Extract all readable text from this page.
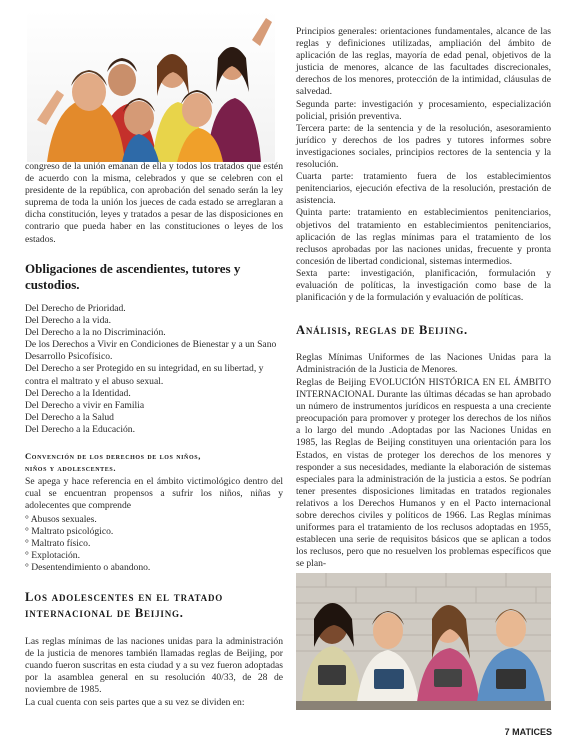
congreso de la unión emanan de ella y todos los tratados que estén de acuerdo con la misma, celebrados y que se celebren con el presidente de la república, con aprobación del senado serán la ley suprema de toda la unión los jueces de cada estado se arreglaran a dicha constitución, leyes y tratados a pesar de las disposiciones en contrario que pueda haber en las constituciones o leyes de los estados.

Obligaciones de ascendientes, tutores y custodios.

Del Derecho de Prioridad.

Del Derecho a la vida.

Del Derecho a la no Discriminación.

De los Derechos a Vivir en Condiciones de Bienestar y a un Sano Desarrollo Psicofísico.

Del Derecho a ser Protegido en su integridad, en su libertad, y contra el maltrato y el abuso sexual.

Del Derecho a la Identidad.

Del Derecho a vivir en Familia

Del Derecho a la Salud

Del Derecho a la Educación.

Convención de los derechos de los niños, niños y adolescentes.

Se apega y hace referencia en el ámbito victimológico dentro del cual se encuentran propensos a sufrir los niños, niñas y adolecentes que comprende

° Abusos sexuales.

° Maltrato psicológico.

° Maltrato físico.

° Explotación.

° Desentendimiento o abandono.

Los adolescentes en el tratado internacional de Beijing.

Las reglas mínimas de las naciones unidas para la administración de la justicia de menores también llamadas reglas de Beijing, por cuando fueron suscritas en esta ciudad y a su vez fueron adoptadas por la asamblea general en su resolución 40/33, de 28 de noviembre de 1985.

La cual cuenta con seis partes que a su vez se dividen en:

Principios generales: orientaciones fundamentales, alcance de las reglas y definiciones utilizadas, ampliación del ámbito de aplicación de las reglas, mayoría de edad penal, objetivos de la justicia de menores, alcance de las facultades discrecionales, derechos de los menores, protección de la intimidad, cláusulas de salvedad.

Segunda parte: investigación y procesamiento, especialización policial, prisión preventiva.

Tercera parte: de la sentencia y de la resolución, asesoramiento jurídico y derechos de los padres y tutores informes sobre investigaciones sociales, principios rectores de la sentencia y la resolución.

Cuarta parte: tratamiento fuera de los establecimientos penitenciarios, ejecución efectiva de la resolución, prestación de asistencia.

Quinta parte: tratamiento en establecimientos penitenciarios, objetivos del tratamiento en establecimientos penitenciarios, aplicación de las reglas mínimas para el tratamiento de los reclusos aprobadas por las naciones unidas, frecuente y pronta concesión de libertad condicional, sistemas intermedios.

Sexta parte: investigación, planificación, formulación y evaluación de políticas, la investigación como base de la planificación y de la formulación y evaluación de políticas.

Análisis, reglas de Beijing.

Reglas Mínimas Uniformes de las Naciones Unidas para la Administración de la Justicia de Menores.

Reglas de Beijing EVOLUCIÓN HISTÓRICA EN EL ÁMBITO INTERNACIONAL Durante las últimas décadas se han aprobado un número de instrumentos jurídicos en respuesta a una creciente preocupación para promover y proteger los derechos de los niños a lo largo del mundo .Adoptadas por las Naciones Unidas en 1985, las Reglas de Beijing constituyen una orientación para los Estados, en vistas de proteger los derechos de los menores y responder a sus necesidades, mediante la elaboración de sistemas especiales para la administración de la justicia a estos. Se podrían tener presentes disposiciones limitadas en tratados regionales relativos a los Derechos Humanos y en el Pacto internacional sobre derechos civiles y políticos de 1966. Las Reglas mínimas uniformes para el tratamiento de los reclusos adoptadas en 1955, establecen una serie de requisitos básicos que se aplican a todos los reclusos, pero que no resuelven los problemas específicos que se plan-

7 MATICES
